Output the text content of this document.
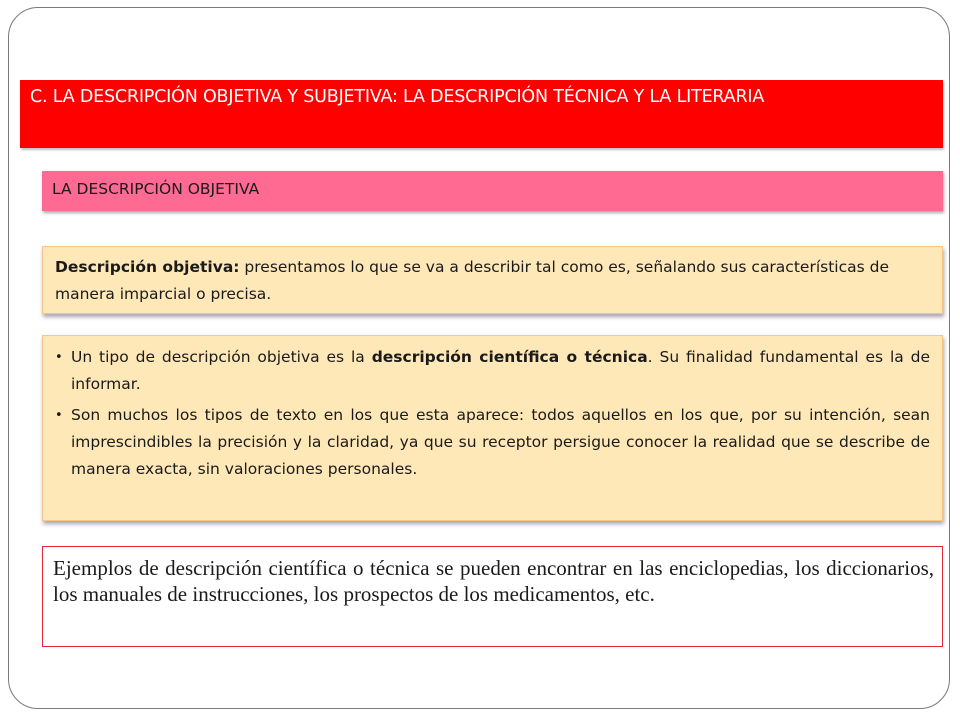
C. LA DESCRIPCIÓN OBJETIVA Y SUBJETIVA: LA DESCRIPCIÓN TÉCNICA Y LA LITERARIA
LA DESCRIPCIÓN OBJETIVA
Descripción objetiva: presentamos lo que se va a describir tal como es, señalando sus características de manera imparcial o precisa.
• Un tipo de descripción objetiva es la descripción científica o técnica. Su finalidad fundamental es la de informar.
• Son muchos los tipos de texto en los que esta aparece: todos aquellos en los que, por su intención, sean imprescindibles la precisión y la claridad, ya que su receptor persigue conocer la realidad que se describe de manera exacta, sin valoraciones personales.
Ejemplos de descripción científica o técnica se pueden encontrar en las enciclopedias, los diccionarios, los manuales de instrucciones, los prospectos de los medicamentos, etc.
